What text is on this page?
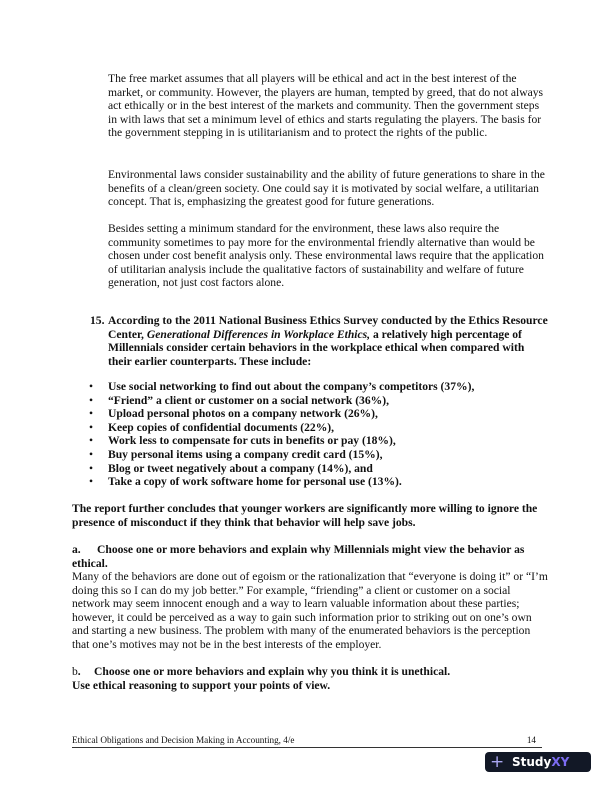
The free market assumes that all players will be ethical and act in the best interest of the market, or community. However, the players are human, tempted by greed, that do not always act ethically or in the best interest of the markets and community. Then the government steps in with laws that set a minimum level of ethics and starts regulating the players. The basis for the government stepping in is utilitarianism and to protect the rights of the public.

Environmental laws consider sustainability and the ability of future generations to share in the benefits of a clean/green society. One could say it is motivated by social welfare, a utilitarian concept. That is, emphasizing the greatest good for future generations.

Besides setting a minimum standard for the environment, these laws also require the community sometimes to pay more for the environmental friendly alternative than would be chosen under cost benefit analysis only. These environmental laws require that the application of utilitarian analysis include the qualitative factors of sustainability and welfare of future generation, not just cost factors alone.

15. According to the 2011 National Business Ethics Survey conducted by the Ethics Resource Center, Generational Differences in Workplace Ethics, a relatively high percentage of Millennials consider certain behaviors in the workplace ethical when compared with their earlier counterparts. These include:
• Use social networking to find out about the company’s competitors (37%),
• “Friend” a client or customer on a social network (36%),
• Upload personal photos on a company network (26%),
• Keep copies of confidential documents (22%),
• Work less to compensate for cuts in benefits or pay (18%),
• Buy personal items using a company credit card (15%),
• Blog or tweet negatively about a company (14%), and
• Take a copy of work software home for personal use (13%).

The report further concludes that younger workers are significantly more willing to ignore the presence of misconduct if they think that behavior will help save jobs.

a. Choose one or more behaviors and explain why Millennials might view the behavior as ethical.

Many of the behaviors are done out of egoism or the rationalization that “everyone is doing it” or “I’m doing this so I can do my job better.” For example, “friending” a client or customer on a social network may seem innocent enough and a way to learn valuable information about these parties; however, it could be perceived as a way to gain such information prior to striking out on one’s own and starting a new business. The problem with many of the enumerated behaviors is the perception that one’s motives may not be in the best interests of the employer.

b. Choose one or more behaviors and explain why you think it is unethical.
Use ethical reasoning to support your points of view.
Ethical Obligations and Decision Making in Accounting, 4/e	14
+ StudyXY
